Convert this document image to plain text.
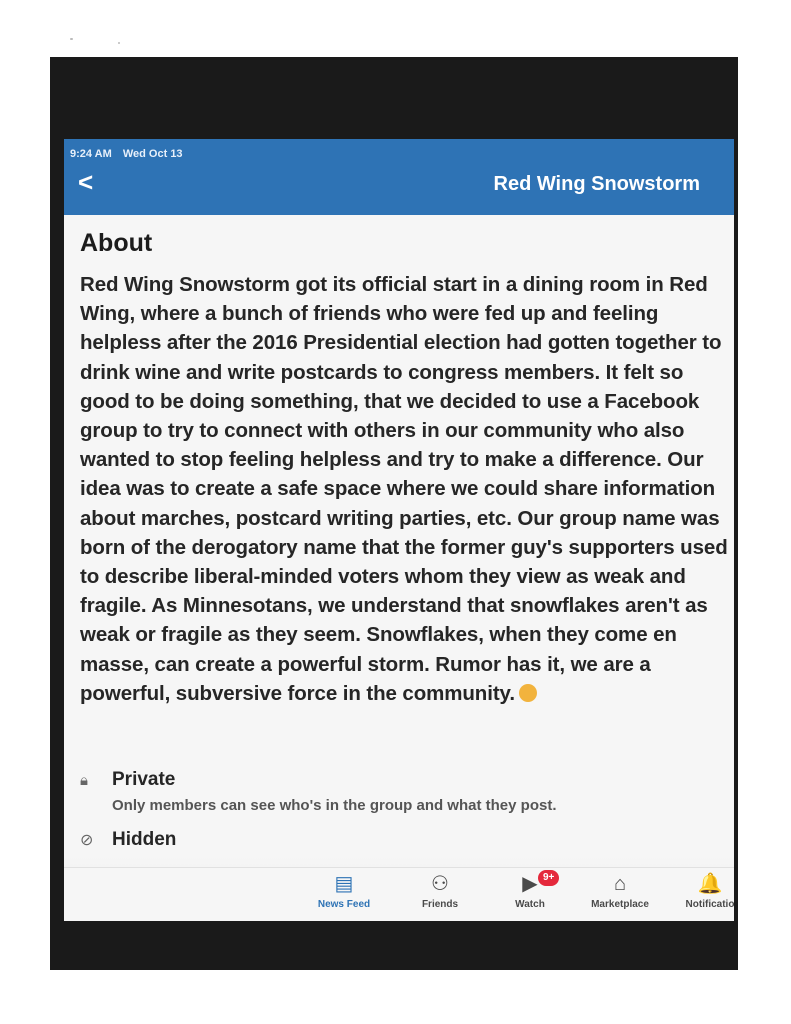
9:24 AM Wed Oct 13
<	Red Wing Snowstorm
About

Red Wing Snowstorm got its official start in a dining room in Red Wing, where a bunch of friends who were fed up and feeling helpless after the 2016 Presidential election had gotten together to drink wine and write postcards to congress members. It felt so good to be doing something, that we decided to use a Facebook group to try to connect with others in our community who also wanted to stop feeling helpless and try to make a difference. Our idea was to create a safe space where we could share information about marches, postcard writing parties, etc. Our group name was born of the derogatory name that the former guy's supporters used to describe liberal-minded voters whom they view as weak and fragile. As Minnesotans, we understand that snowflakes aren't as weak or fragile as they seem. Snowflakes, when they come en masse, can create a powerful storm. Rumor has it, we are a powerful, subversive force in the community.

🔒︎	Private
Only members can see who's in the group and what they post.
⊘ Hidden
▤
News Feed
⚇
Friends
▶ 9+
Watch
⌂
Marketplace
🔔
Notificatio
